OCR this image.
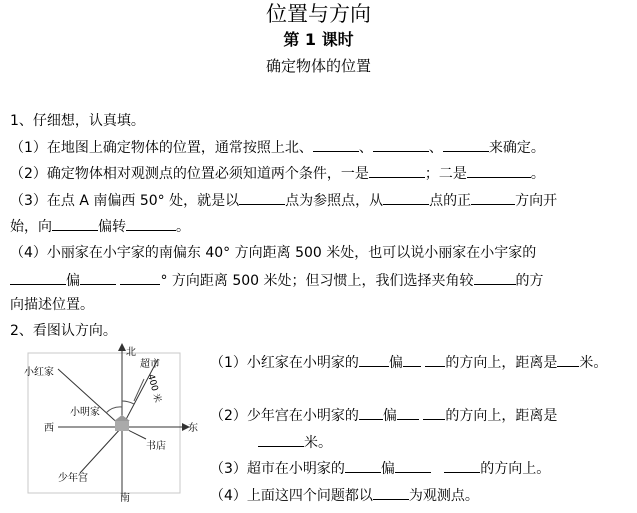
位置与方向
第 1 课时
确定物体的位置
1、仔细想，认真填。
（1）在地图上确定物体的位置，通常按照上北、	、	、	来确定。
（2）确定物体相对观测点的位置必须知道两个条件，一是	；二是	。
（3）在点 A 南偏西 50° 处，就是以	点为参照点，从	点的正	方向开
始，向	偏转	。
（4）小丽家在小宇家的南偏东 40° 方向距离 500 米处，也可以说小丽家在小宇家的
偏	° 方向距离 500 米处；但习惯上，我们选择夹角较	的方
向描述位置。
2、看图认方向。
北
南
西	东
小红家
小明家
超市
书店
少年宫
400 米
（1）小红家在小明家的 偏	的方向上，距离是 米。
（2）少年宫在小明家的 偏	的方向上，距离是
米。
（3）超市在小明家的	偏	的方向上。
（4）上面这四个问题都以	为观测点。
